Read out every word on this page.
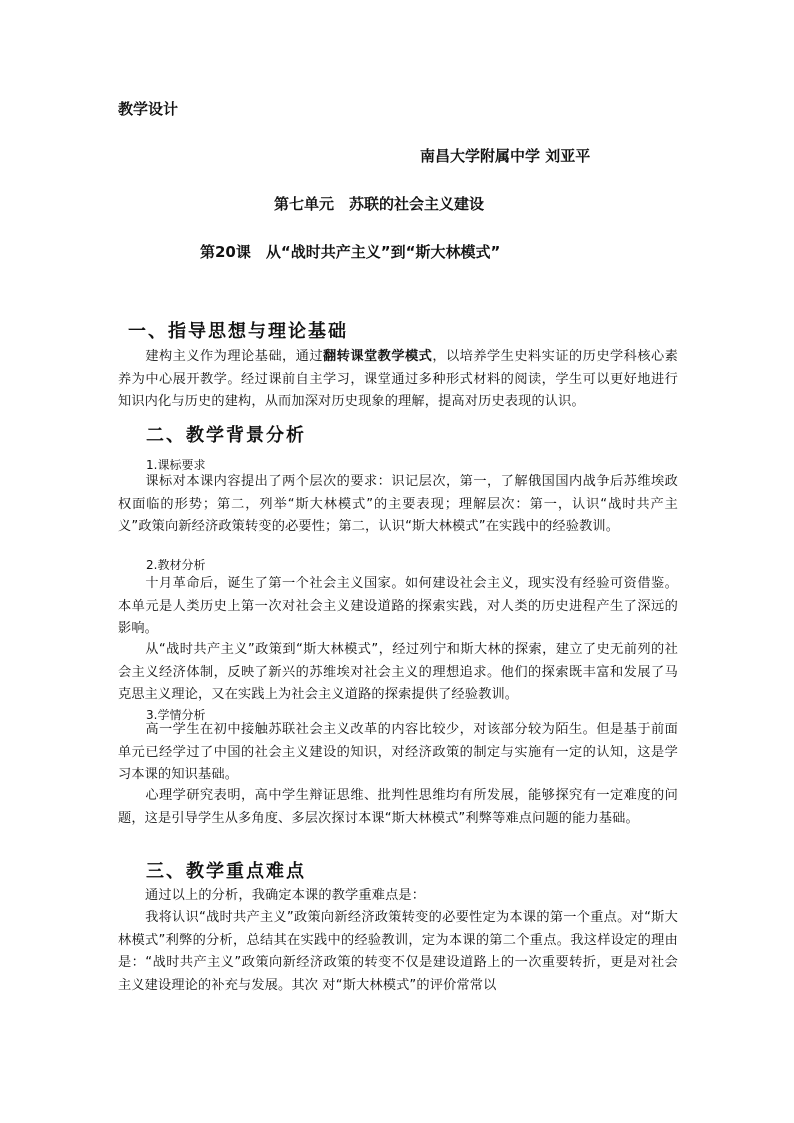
教学设计
南昌大学附属中学 刘亚平
第七单元　苏联的社会主义建设
第20课　从“战时共产主义”到“斯大林模式”
一、指导思想与理论基础
建构主义作为理论基础，通过翻转课堂教学模式，以培养学生史料实证的历史学科核心素养为中心展开教学。经过课前自主学习，课堂通过多种形式材料的阅读，学生可以更好地进行知识内化与历史的建构，从而加深对历史现象的理解，提高对历史表现的认识。
二、教学背景分析
1.课标要求
课标对本课内容提出了两个层次的要求：识记层次，第一，了解俄国国内战争后苏维埃政权面临的形势；第二，列举“斯大林模式”的主要表现；理解层次：第一，认识“战时共产主义”政策向新经济政策转变的必要性；第二，认识“斯大林模式”在实践中的经验教训。
2.教材分析
十月革命后，诞生了第一个社会主义国家。如何建设社会主义，现实没有经验可资借鉴。本单元是人类历史上第一次对社会主义建设道路的探索实践，对人类的历史进程产生了深远的影响。
从“战时共产主义”政策到“斯大林模式”，经过列宁和斯大林的探索，建立了史无前列的社会主义经济体制，反映了新兴的苏维埃对社会主义的理想追求。他们的探索既丰富和发展了马克思主义理论，又在实践上为社会主义道路的探索提供了经验教训。
3.学情分析
高一学生在初中接触苏联社会主义改革的内容比较少，对该部分较为陌生。但是基于前面单元已经学过了中国的社会主义建设的知识，对经济政策的制定与实施有一定的认知，这是学习本课的知识基础。
心理学研究表明，高中学生辩证思维、批判性思维均有所发展，能够探究有一定难度的问题，这是引导学生从多角度、多层次探讨本课“斯大林模式”利弊等难点问题的能力基础。
三、教学重点难点
通过以上的分析，我确定本课的教学重难点是：
我将认识“战时共产主义”政策向新经济政策转变的必要性定为本课的第一个重点。对“斯大林模式”利弊的分析，总结其在实践中的经验教训，定为本课的第二个重点。我这样设定的理由是：“战时共产主义”政策向新经济政策的转变不仅是建设道路上的一次重要转折，更是对社会主义建设理论的补充与发展。其次 对“斯大林模式”的评价常常以
